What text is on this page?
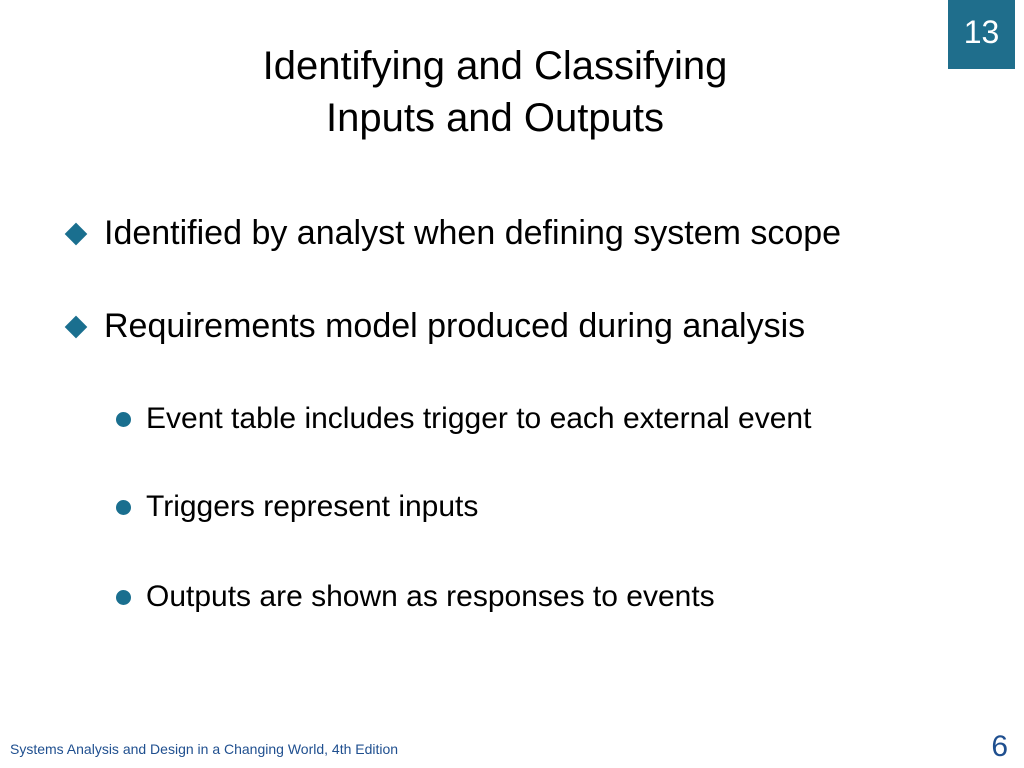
13
Identifying and Classifying
Inputs and Outputs
Identified by analyst when defining system scope
Requirements model produced during analysis
Event table includes trigger to each external event
Triggers represent inputs
Outputs are shown as responses to events
Systems Analysis and Design in a Changing World, 4th Edition	6
